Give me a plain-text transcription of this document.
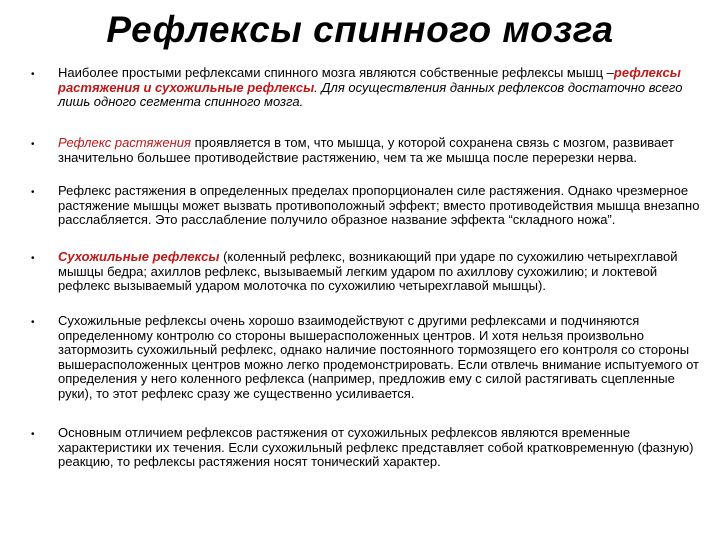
Рефлексы спинного мозга
• Наиболее простыми рефлексами спинного мозга являются собственные рефлексы мышц –рефлексы растяжения и сухожильные рефлексы. Для осуществления данных рефлексов достаточно всего лишь одного сегмента спинного мозга.
• Рефлекс растяжения проявляется в том, что мышца, у которой сохранена связь с мозгом, развивает значительно большее противодействие растяжению, чем та же мышца после перерезки нерва.
• Рефлекс растяжения в определенных пределах пропорционален силе растяжения. Однако чрезмерное растяжение мышцы может вызвать противоположный эффект; вместо противодействия мышца внезапно расслабляется. Это расслабление получило образное название эффекта “складного ножа”.
• Сухожильные рефлексы (коленный рефлекс, возникающий при ударе по сухожилию четырехглавой мышцы бедра; ахиллов рефлекс, вызываемый легким ударом по ахиллову сухожилию; и локтевой рефлекс вызываемый ударом молоточка по сухожилию четырехглавой мышцы).
• Сухожильные рефлексы очень хорошо взаимодействуют с другими рефлексами и подчиняются определенному контролю со стороны вышерасположенных центров. И хотя нельзя произвольно затормозить сухожильный рефлекс, однако наличие постоянного тормозящего его контроля со стороны вышерасположенных центров можно легко продемонстрировать. Если отвлечь внимание испытуемого от определения у него коленного рефлекса (например, предложив ему с силой растягивать сцепленные руки), то этот рефлекс сразу же существенно усиливается.
• Основным отличием рефлексов растяжения от сухожильных рефлексов являются временные характеристики их течения. Если сухожильный рефлекс представляет собой кратковременную (фазную) реакцию, то рефлексы растяжения носят тонический характер.
